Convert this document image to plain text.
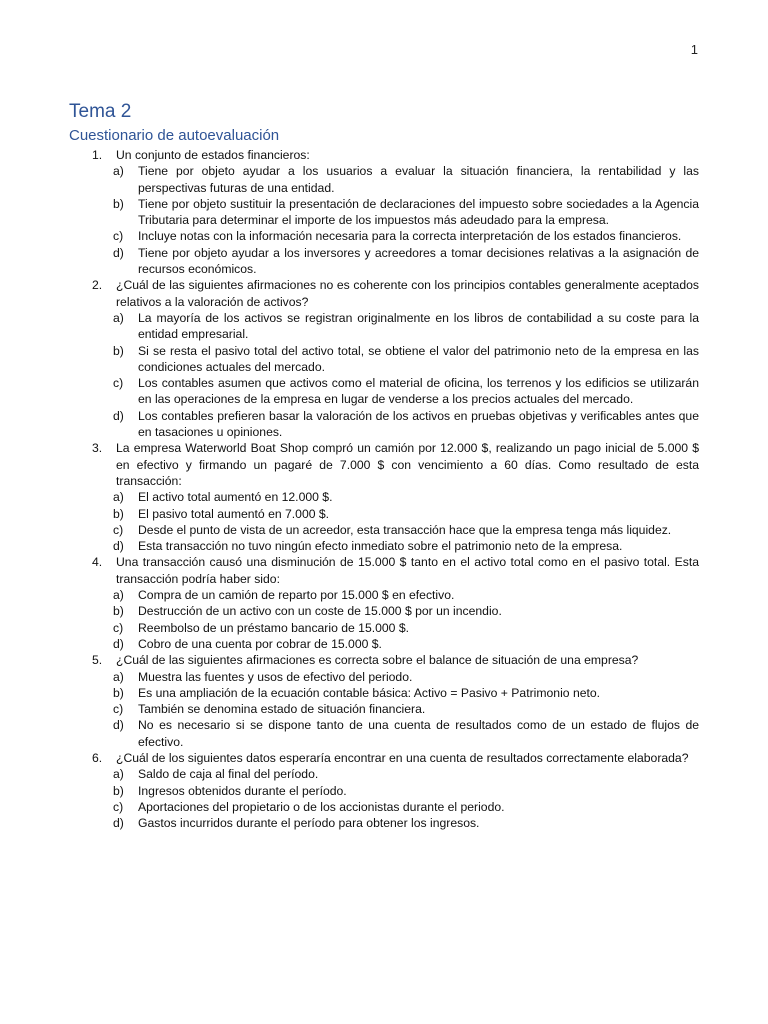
1
Tema 2
Cuestionario de autoevaluación
1.	Un conjunto de estados financieros:
a)	Tiene por objeto ayudar a los usuarios a evaluar la situación financiera, la rentabilidad y las perspectivas futuras de una entidad.
b)	Tiene por objeto sustituir la presentación de declaraciones del impuesto sobre sociedades a la Agencia Tributaria para determinar el importe de los impuestos más adeudado para la empresa.
c)	Incluye notas con la información necesaria para la correcta interpretación de los estados financieros.
d)	Tiene por objeto ayudar a los inversores y acreedores a tomar decisiones relativas a la asignación de recursos económicos.
2.	¿Cuál de las siguientes afirmaciones no es coherente con los principios contables generalmente aceptados relativos a la valoración de activos?
a)	La mayoría de los activos se registran originalmente en los libros de contabilidad a su coste para la entidad empresarial.
b)	Si se resta el pasivo total del activo total, se obtiene el valor del patrimonio neto de la empresa en las condiciones actuales del mercado.
c)	Los contables asumen que activos como el material de oficina, los terrenos y los edificios se utilizarán en las operaciones de la empresa en lugar de venderse a los precios actuales del mercado.
d)	Los contables prefieren basar la valoración de los activos en pruebas objetivas y verificables antes que en tasaciones u opiniones.
3.	La empresa Waterworld Boat Shop compró un camión por 12.000 $, realizando un pago inicial de 5.000 $ en efectivo y firmando un pagaré de 7.000 $ con vencimiento a 60 días. Como resultado de esta transacción:
a)	El activo total aumentó en 12.000 $.
b)	El pasivo total aumentó en 7.000 $.
c)	Desde el punto de vista de un acreedor, esta transacción hace que la empresa tenga más liquidez.
d)	Esta transacción no tuvo ningún efecto inmediato sobre el patrimonio neto de la empresa.
4.	Una transacción causó una disminución de 15.000 $ tanto en el activo total como en el pasivo total. Esta transacción podría haber sido:
a)	Compra de un camión de reparto por 15.000 $ en efectivo.
b)	Destrucción de un activo con un coste de 15.000 $ por un incendio.
c)	Reembolso de un préstamo bancario de 15.000 $.
d)	Cobro de una cuenta por cobrar de 15.000 $.
5.	¿Cuál de las siguientes afirmaciones es correcta sobre el balance de situación de una empresa?
a)	Muestra las fuentes y usos de efectivo del periodo.
b)	Es una ampliación de la ecuación contable básica: Activo = Pasivo + Patrimonio neto.
c)	También se denomina estado de situación financiera.
d)	No es necesario si se dispone tanto de una cuenta de resultados como de un estado de flujos de efectivo.
6.	¿Cuál de los siguientes datos esperaría encontrar en una cuenta de resultados correctamente elaborada?
a)	Saldo de caja al final del período.
b)	Ingresos obtenidos durante el período.
c)	Aportaciones del propietario o de los accionistas durante el periodo.
d)	Gastos incurridos durante el período para obtener los ingresos.
